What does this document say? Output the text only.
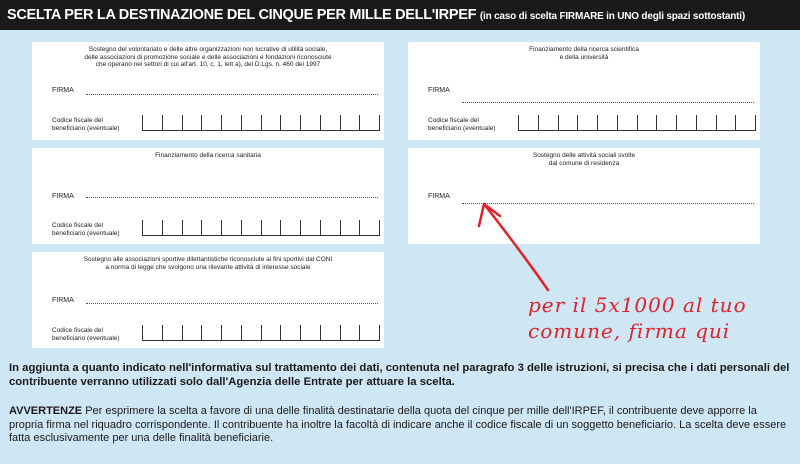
SCELTA PER LA DESTINAZIONE DEL CINQUE PER MILLE DELL'IRPEF (in caso di scelta FIRMARE in UNO degli spazi sottostanti)
Sostegno del volontariato e delle altre organizzazioni non lucrative di utilità sociale,
delle associazioni di promozione sociale e delle associazioni e fondazioni riconosciute
che operano nei settori di cui all'art. 10, c. 1, lett a), del D.Lgs. n. 460 del 1997
FIRMA
Codice fiscale del
beneficiario (eventuale)
Finanziamento della ricerca scientifica
e della università
FIRMA
Codice fiscale del
beneficiario (eventuale)
Finanziamento della ricerca sanitaria
FIRMA
Codice fiscale del
beneficiario (eventuale)
Sostegno delle attività sociali svolte
dal comune di residenza
FIRMA
Sostegno alle associazioni sportive dilettantistiche riconosciute ai fini sportivi dal CONI
a norma di legge che svolgono una rilevante attività di interesse sociale
FIRMA
Codice fiscale del
beneficiario (eventuale)
per il 5x1000 al tuo
comune, firma qui
In aggiunta a quanto indicato nell'informativa sul trattamento dei dati, contenuta nel paragrafo 3 delle istruzioni, si precisa che i dati personali del contribuente verranno utilizzati solo dall'Agenzia delle Entrate per attuare la scelta.
AVVERTENZE Per esprimere la scelta a favore di una delle finalità destinatarie della quota del cinque per mille dell'IRPEF, il contribuente deve apporre la propria firma nel riquadro corrispondente. Il contribuente ha inoltre la facoltà di indicare anche il codice fiscale di un soggetto beneficiario. La scelta deve essere fatta esclusivamente per una delle finalità beneficiarie.
